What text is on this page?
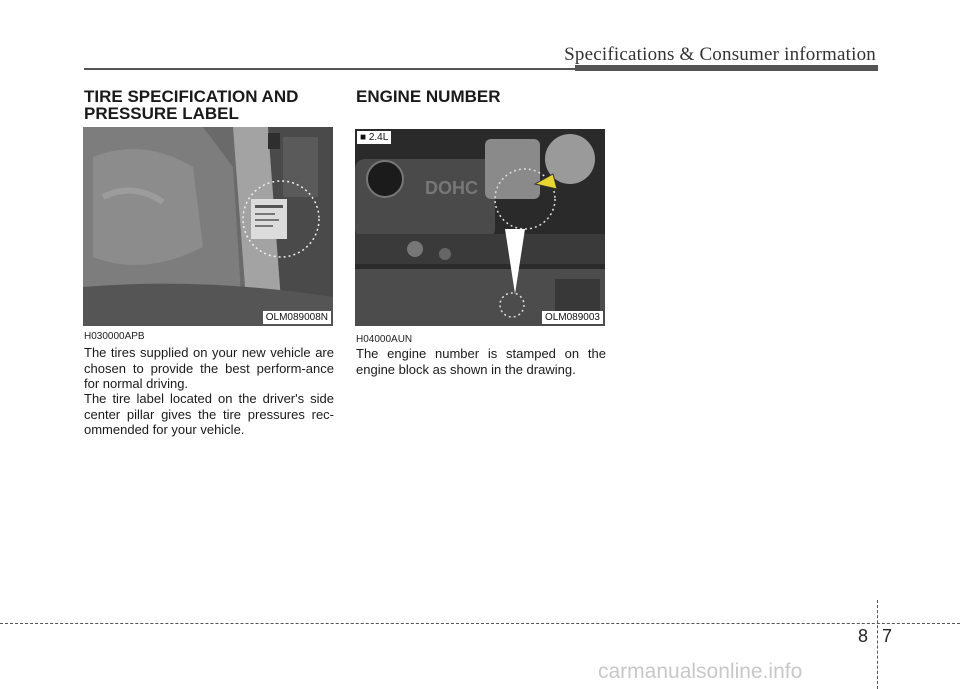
Specifications & Consumer information
TIRE SPECIFICATION AND PRESSURE LABEL
ENGINE NUMBER
OLM089008N
DOHC
■ 2.4L
OLM089003
H030000APB
The tires supplied on your new vehicle are chosen to provide the best perform-ance for normal driving.
The tire label located on the driver's side center pillar gives the tire pressures rec-ommended for your vehicle.
H04000AUN
The engine number is stamped on the engine block as shown in the drawing.
8 7
carmanualsonline.info
